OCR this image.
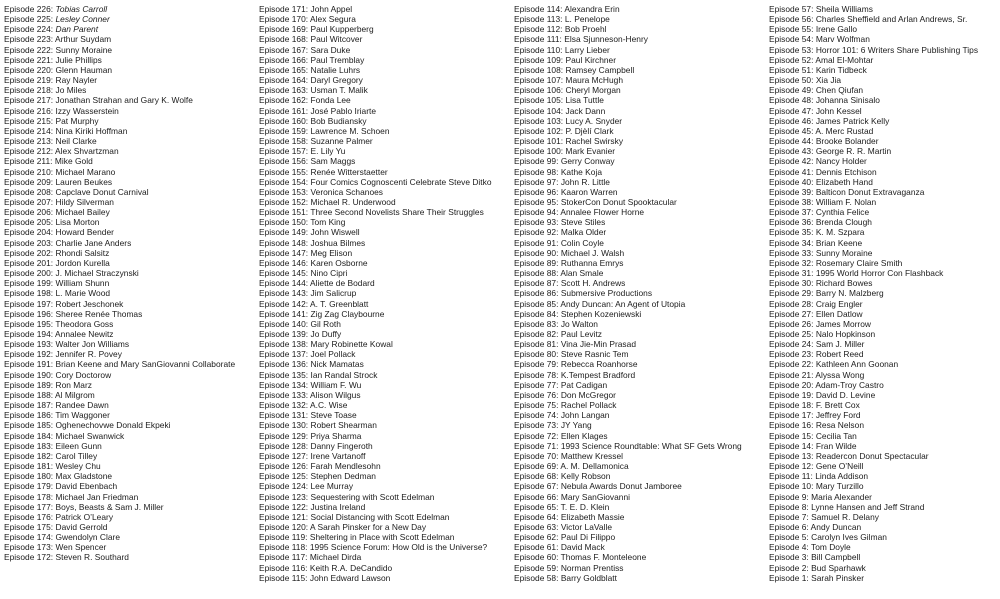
Episode 226: Tobias Carroll
Episode 225: Lesley Conner
Episode 224: Dan Parent
Episode 223: Arthur Suydam
Episode 222: Sunny Moraine
Episode 221: Julie Phillips
Episode 220: Glenn Hauman
Episode 219: Ray Nayler
Episode 218: Jo Miles
Episode 217: Jonathan Strahan and Gary K. Wolfe
Episode 216: Izzy Wasserstein
Episode 215: Pat Murphy
Episode 214: Nina Kiriki Hoffman
Episode 213: Neil Clarke
Episode 212: Alex Shvartzman
Episode 211: Mike Gold
Episode 210: Michael Marano
Episode 209: Lauren Beukes
Episode 208: Capclave Donut Carnival
Episode 207: Hildy Silverman
Episode 206: Michael Bailey
Episode 205: Lisa Morton
Episode 204: Howard Bender
Episode 203: Charlie Jane Anders
Episode 202: Rhondi Salsitz
Episode 201: Jordon Kurella
Episode 200: J. Michael Straczynski
Episode 199: William Shunn
Episode 198: L. Marie Wood
Episode 197: Robert Jeschonek
Episode 196: Sheree Renée Thomas
Episode 195: Theodora Goss
Episode 194: Annalee Newitz
Episode 193: Walter Jon Williams
Episode 192: Jennifer R. Povey
Episode 191: Brian Keene and Mary SanGiovanni Collaborate
Episode 190: Cory Doctorow
Episode 189: Ron Marz
Episode 188: Al Milgrom
Episode 187: Randee Dawn
Episode 186: Tim Waggoner
Episode 185: Oghenechovwe Donald Ekpeki
Episode 184: Michael Swanwick
Episode 183: Eileen Gunn
Episode 182: Carol Tilley
Episode 181: Wesley Chu
Episode 180: Max Gladstone
Episode 179: David Ebenbach
Episode 178: Michael Jan Friedman
Episode 177: Boys, Beasts & Sam J. Miller
Episode 176: Patrick O’Leary
Episode 175: David Gerrold
Episode 174: Gwendolyn Clare
Episode 173: Wen Spencer
Episode 172: Steven R. Southard
Episode 171: John Appel
Episode 170: Alex Segura
Episode 169: Paul Kupperberg
Episode 168: Paul Witcover
Episode 167: Sara Duke
Episode 166: Paul Tremblay
Episode 165: Natalie Luhrs
Episode 164: Daryl Gregory
Episode 163: Usman T. Malik
Episode 162: Fonda Lee
Episode 161: José Pablo Iriarte
Episode 160: Bob Budiansky
Episode 159: Lawrence M. Schoen
Episode 158: Suzanne Palmer
Episode 157: E. Lily Yu
Episode 156: Sam Maggs
Episode 155: Renée Witterstaetter
Episode 154: Four Comics Cognoscenti Celebrate Steve Ditko
Episode 153: Veronica Schanoes
Episode 152: Michael R. Underwood
Episode 151: Three Second Novelists Share Their Struggles
Episode 150: Tom King
Episode 149: John Wiswell
Episode 148: Joshua Bilmes
Episode 147: Meg Elison
Episode 146: Karen Osborne
Episode 145: Nino Cipri
Episode 144: Aliette de Bodard
Episode 143: Jim Salicrup
Episode 142: A. T. Greenblatt
Episode 141: Zig Zag Claybourne
Episode 140: Gil Roth
Episode 139: Jo Duffy
Episode 138: Mary Robinette Kowal
Episode 137: Joel Pollack
Episode 136: Nick Mamatas
Episode 135: Ian Randal Strock
Episode 134: William F. Wu
Episode 133: Alison Wilgus
Episode 132: A.C. Wise
Episode 131: Steve Toase
Episode 130: Robert Shearman
Episode 129: Priya Sharma
Episode 128: Danny Fingeroth
Episode 127: Irene Vartanoff
Episode 126: Farah Mendlesohn
Episode 125: Stephen Dedman
Episode 124: Lee Murray
Episode 123: Sequestering with Scott Edelman
Episode 122: Justina Ireland
Episode 121: Social Distancing with Scott Edelman
Episode 120: A Sarah Pinsker for a New Day
Episode 119: Sheltering in Place with Scott Edelman
Episode 118: 1995 Science Forum: How Old is the Universe?
Episode 117: Michael Dirda
Episode 116: Keith R.A. DeCandido
Episode 115: John Edward Lawson
Episode 114: Alexandra Erin
Episode 113: L. Penelope
Episode 112: Bob Proehl
Episode 111: Elsa Sjunneson-Henry
Episode 110: Larry Lieber
Episode 109: Paul Kirchner
Episode 108: Ramsey Campbell
Episode 107: Maura McHugh
Episode 106: Cheryl Morgan
Episode 105: Lisa Tuttle
Episode 104: Jack Dann
Episode 103: Lucy A. Snyder
Episode 102: P. Djèlí Clark
Episode 101: Rachel Swirsky
Episode 100: Mark Evanier
Episode 99: Gerry Conway
Episode 98: Kathe Koja
Episode 97: John R. Little
Episode 96: Kaaron Warren
Episode 95: StokerCon Donut Spooktacular
Episode 94: Annalee Flower Horne
Episode 93: Steve Stiles
Episode 92: Malka Older
Episode 91: Colin Coyle
Episode 90: Michael J. Walsh
Episode 89: Ruthanna Emrys
Episode 88: Alan Smale
Episode 87: Scott H. Andrews
Episode 86: Submersive Productions
Episode 85: Andy Duncan: An Agent of Utopia
Episode 84: Stephen Kozeniewski
Episode 83: Jo Walton
Episode 82: Paul Levitz
Episode 81: Vina Jie-Min Prasad
Episode 80: Steve Rasnic Tem
Episode 79: Rebecca Roanhorse
Episode 78: K.Tempest Bradford
Episode 77: Pat Cadigan
Episode 76: Don McGregor
Episode 75: Rachel Pollack
Episode 74: John Langan
Episode 73: JY Yang
Episode 72: Ellen Klages
Episode 71: 1993 Science Roundtable: What SF Gets Wrong
Episode 70: Matthew Kressel
Episode 69: A. M. Dellamonica
Episode 68: Kelly Robson
Episode 67: Nebula Awards Donut Jamboree
Episode 66: Mary SanGiovanni
Episode 65: T. E. D. Klein
Episode 64: Elizabeth Massie
Episode 63: Victor LaValle
Episode 62: Paul Di Filippo
Episode 61: David Mack
Episode 60: Thomas F. Monteleone
Episode 59: Norman Prentiss
Episode 58: Barry Goldblatt
Episode 57: Sheila Williams
Episode 56: Charles Sheffield and Arlan Andrews, Sr.
Episode 55: Irene Gallo
Episode 54: Marv Wolfman
Episode 53: Horror 101: 6 Writers Share Publishing Tips
Episode 52: Amal El-Mohtar
Episode 51: Karin Tidbeck
Episode 50: Xia Jia
Episode 49: Chen Qiufan
Episode 48: Johanna Sinisalo
Episode 47: John Kessel
Episode 46: James Patrick Kelly
Episode 45: A. Merc Rustad
Episode 44: Brooke Bolander
Episode 43: George R. R. Martin
Episode 42: Nancy Holder
Episode 41: Dennis Etchison
Episode 40: Elizabeth Hand
Episode 39: Balticon Donut Extravaganza
Episode 38: William F. Nolan
Episode 37: Cynthia Felice
Episode 36: Brenda Clough
Episode 35: K. M. Szpara
Episode 34: Brian Keene
Episode 33: Sunny Moraine
Episode 32: Rosemary Claire Smith
Episode 31: 1995 World Horror Con Flashback
Episode 30: Richard Bowes
Episode 29: Barry N. Malzberg
Episode 28: Craig Engler
Episode 27: Ellen Datlow
Episode 26: James Morrow
Episode 25: Nalo Hopkinson
Episode 24: Sam J. Miller
Episode 23: Robert Reed
Episode 22: Kathleen Ann Goonan
Episode 21: Alyssa Wong
Episode 20: Adam-Troy Castro
Episode 19: David D. Levine
Episode 18: F. Brett Cox
Episode 17: Jeffrey Ford
Episode 16: Resa Nelson
Episode 15: Cecilia Tan
Episode 14: Fran Wilde
Episode 13: Readercon Donut Spectacular
Episode 12: Gene O’Neill
Episode 11: Linda Addison
Episode 10: Mary Turzillo
Episode 9: Maria Alexander
Episode 8: Lynne Hansen and Jeff Strand
Episode 7: Samuel R. Delany
Episode 6: Andy Duncan
Episode 5: Carolyn Ives Gilman
Episode 4: Tom Doyle
Episode 3: Bill Campbell
Episode 2: Bud Sparhawk
Episode 1: Sarah Pinsker
